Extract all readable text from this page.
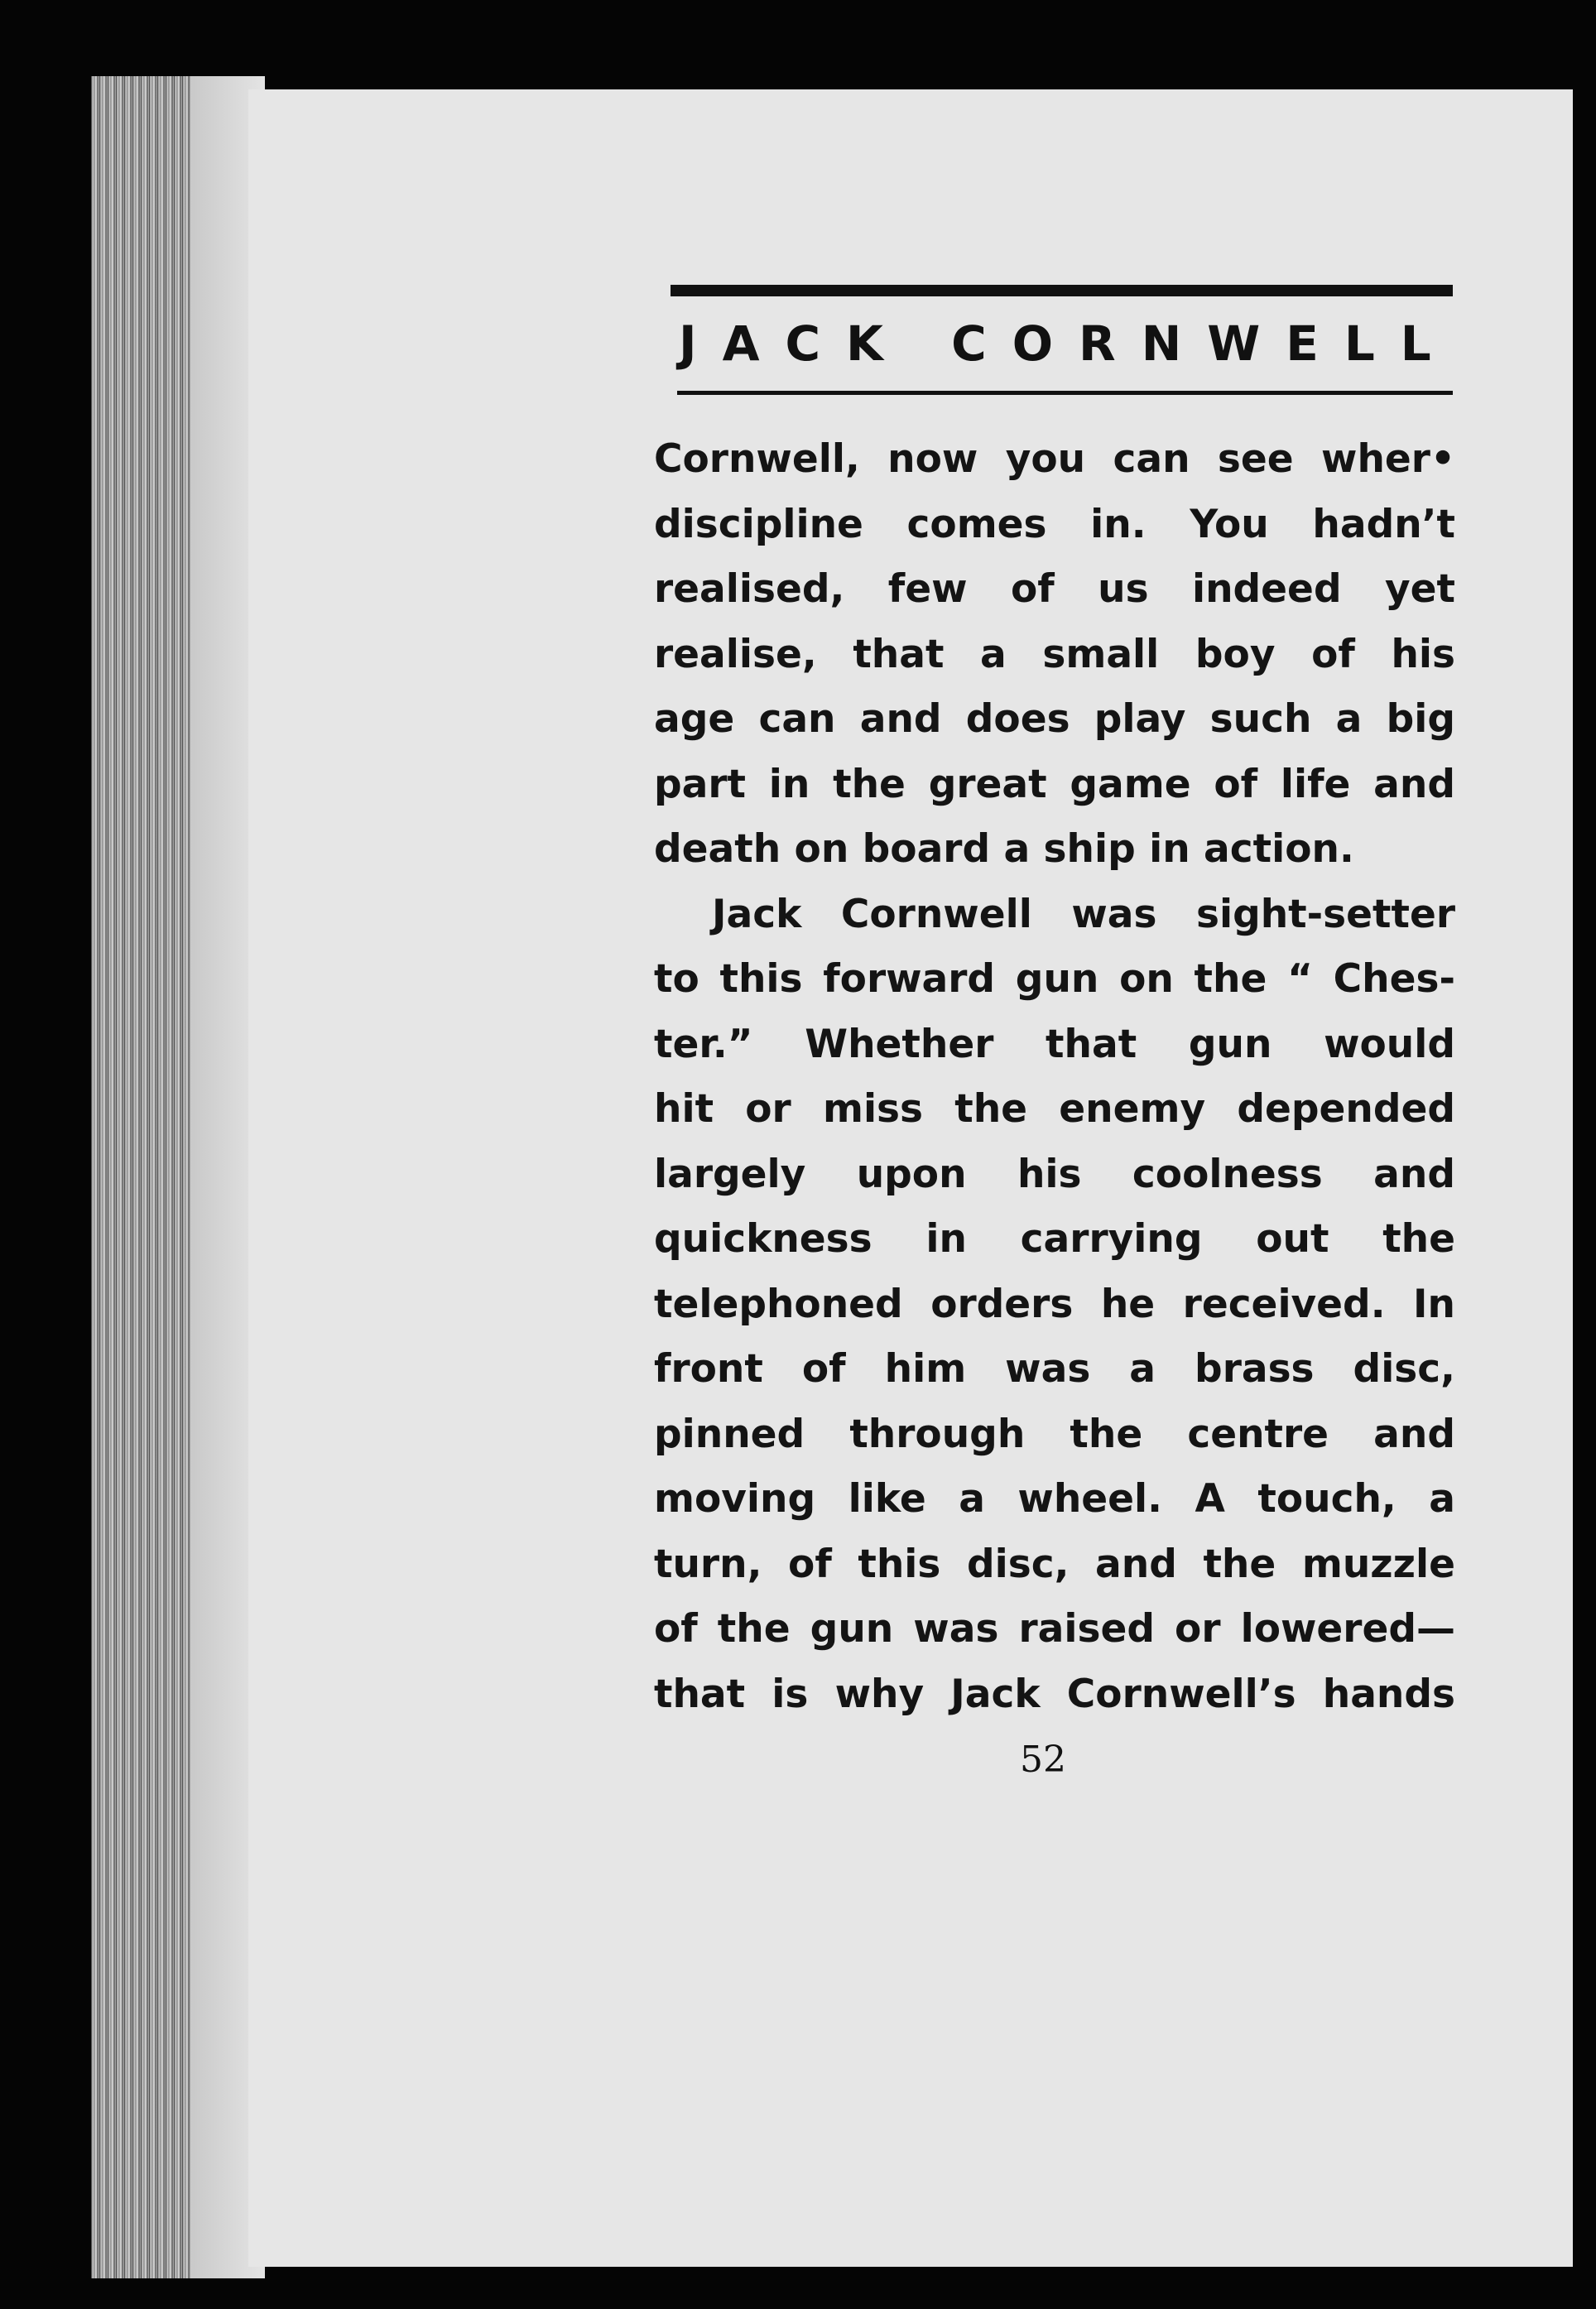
JACK CORNWELL
Cornwell, now you can see wher•
discipline comes in. You hadn’t
realised, few of us indeed yet
realise, that a small boy of his
age can and does play such a big
part in the great game of life and
death on board a ship in action.
Jack Cornwell was sight-setter
to this forward gun on the “ Ches-
ter.” Whether that gun would
hit or miss the enemy depended
largely upon his coolness and
quickness in carrying out the
telephoned orders he received. In
front of him was a brass disc,
pinned through the centre and
moving like a wheel. A touch, a
turn, of this disc, and the muzzle
of the gun was raised or lowered—
that is why Jack Cornwell’s hands
52
